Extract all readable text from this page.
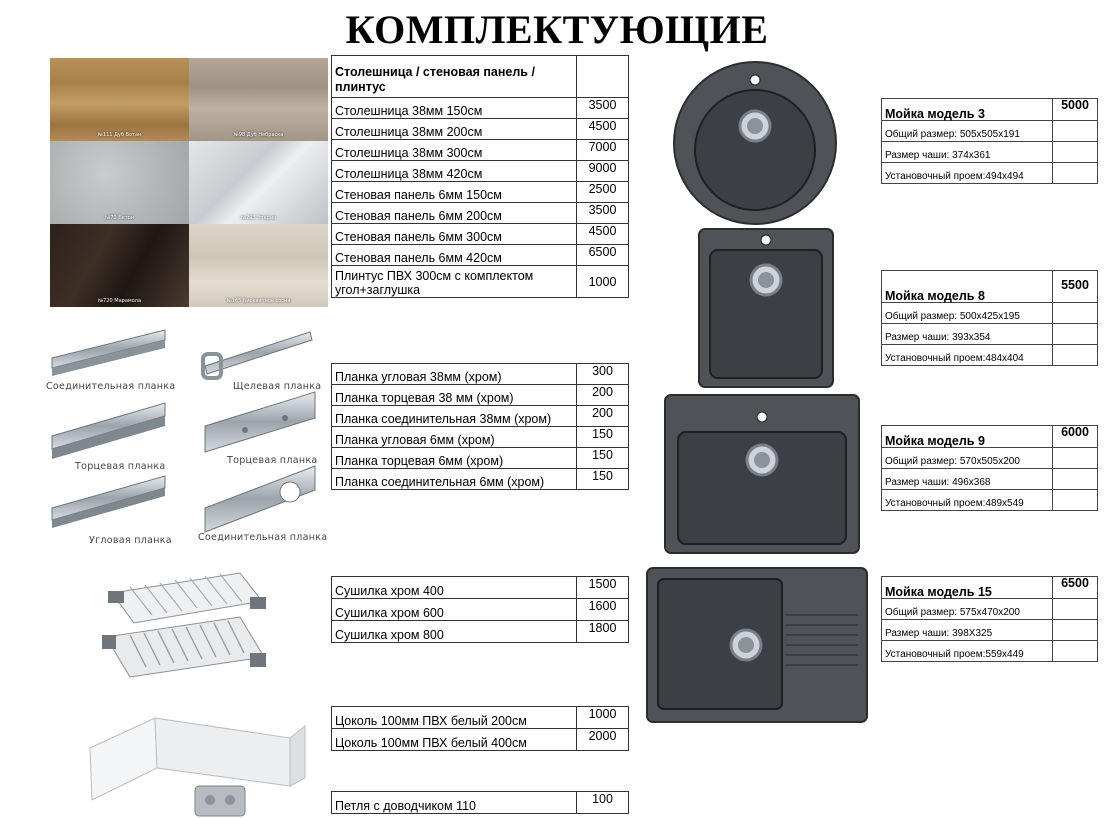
КОМПЛЕКТУЮЩИЕ
№111 Дуб Вотан	№98 Дуб Небраска
№70 Бетон	№293 Этерно
№720 Марамола	№165 Бисквитное сосна
Столешница / стеновая панель / плинтус	
Столешница 38мм 150см	3500
Столешница 38мм 200см	4500
Столешница 38мм 300см	7000
Столешница 38мм 420см	9000
Стеновая панель 6мм 150см	2500
Стеновая панель 6мм 200см	3500
Стеновая панель 6мм 300см	4500
Стеновая панель 6мм 420см	6500
Плинтус ПВХ 300см с комплектом угол+заглушка	1000
Соединительная планка	Щелевая планка
Торцевая планка
Торцевая планка
Угловая планка	Соединительная планка
Планка угловая 38мм (хром)	300
Планка торцевая 38 мм (хром)	200
Планка соединительная 38мм (хром)	200
Планка угловая 6мм (хром)	150
Планка торцевая 6мм (хром)	150
Планка соединительная 6мм (хром)	150
Сушилка хром 400	1500
Сушилка хром 600	1600
Сушилка хром 800	1800
Цоколь 100мм ПВХ белый 200см	1000
Цоколь 100мм ПВХ белый 400см	2000
Петля с доводчиком 110	100
Мойка модель 3	5000
Общий размер: 505x505x191	
Размер чаши: 374x361	
Установочный проем:494x494	
Мойка модель 8	5500
Общий размер: 500x425x195	
Размер чаши: 393x354	
Установочный проем:484x404	
Мойка модель 9	6000
Общий размер: 570x505x200	
Размер чаши: 496x368	
Установочный проем:489x549	
Мойка модель 15	6500
Общий размер: 575x470x200	
Размер чаши: 398X325	
Установочный проем:559x449	
